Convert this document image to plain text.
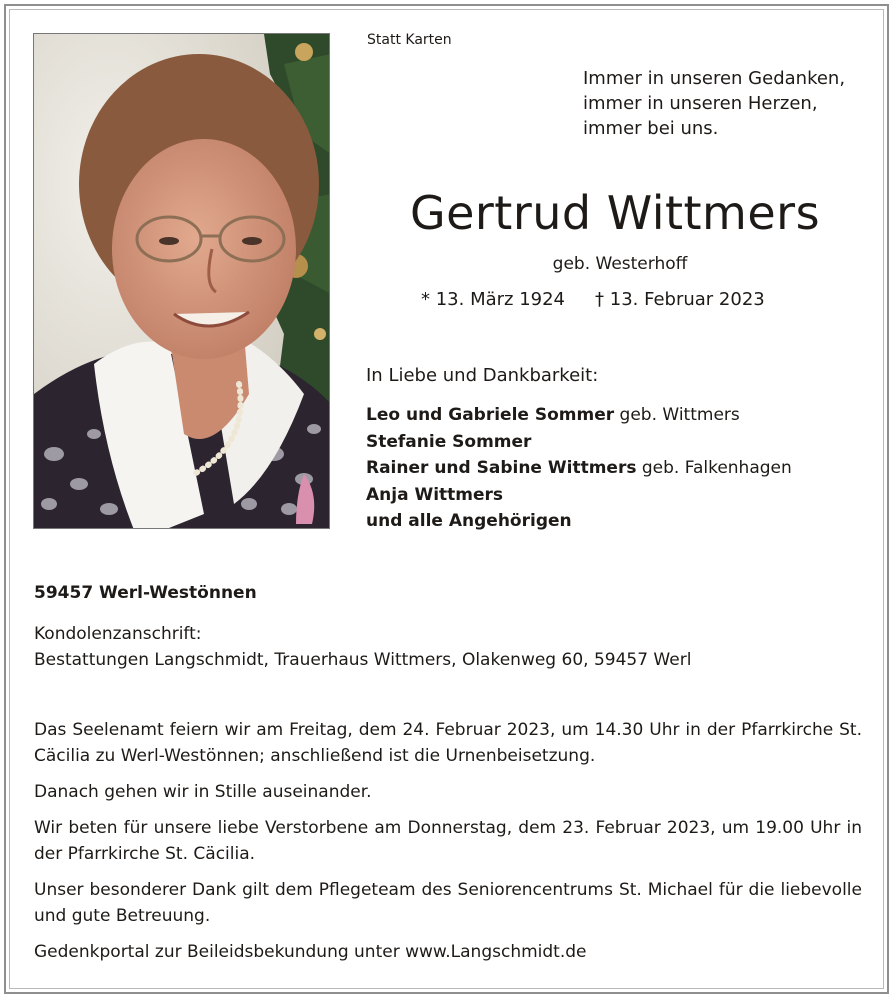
Statt Karten
Immer in unseren Gedanken,
immer in unseren Herzen,
immer bei uns.
Gertrud Wittmers
geb. Westerhoff
* 13. März 1924 † 13. Februar 2023
In Liebe und Dankbarkeit:
Leo und Gabriele Sommer geb. Wittmers
Stefanie Sommer
Rainer und Sabine Wittmers geb. Falkenhagen
Anja Wittmers
und alle Angehörigen
59457 Werl-Westönnen
Kondolenzanschrift:
Bestattungen Langschmidt, Trauerhaus Wittmers, Olakenweg 60, 59457 Werl

Das Seelenamt feiern wir am Freitag, dem 24. Februar 2023, um 14.30 Uhr in der Pfarrkirche St. Cäcilia zu Werl-Westönnen; anschließend ist die Urnenbeisetzung.

Danach gehen wir in Stille auseinander.

Wir beten für unsere liebe Verstorbene am Donnerstag, dem 23. Februar 2023, um 19.00 Uhr in der Pfarrkirche St. Cäcilia.

Unser besonderer Dank gilt dem Pflegeteam des Seniorencentrums St. Michael für die liebevolle und gute Betreuung.

Gedenkportal zur Beileidsbekundung unter www.Langschmidt.de
